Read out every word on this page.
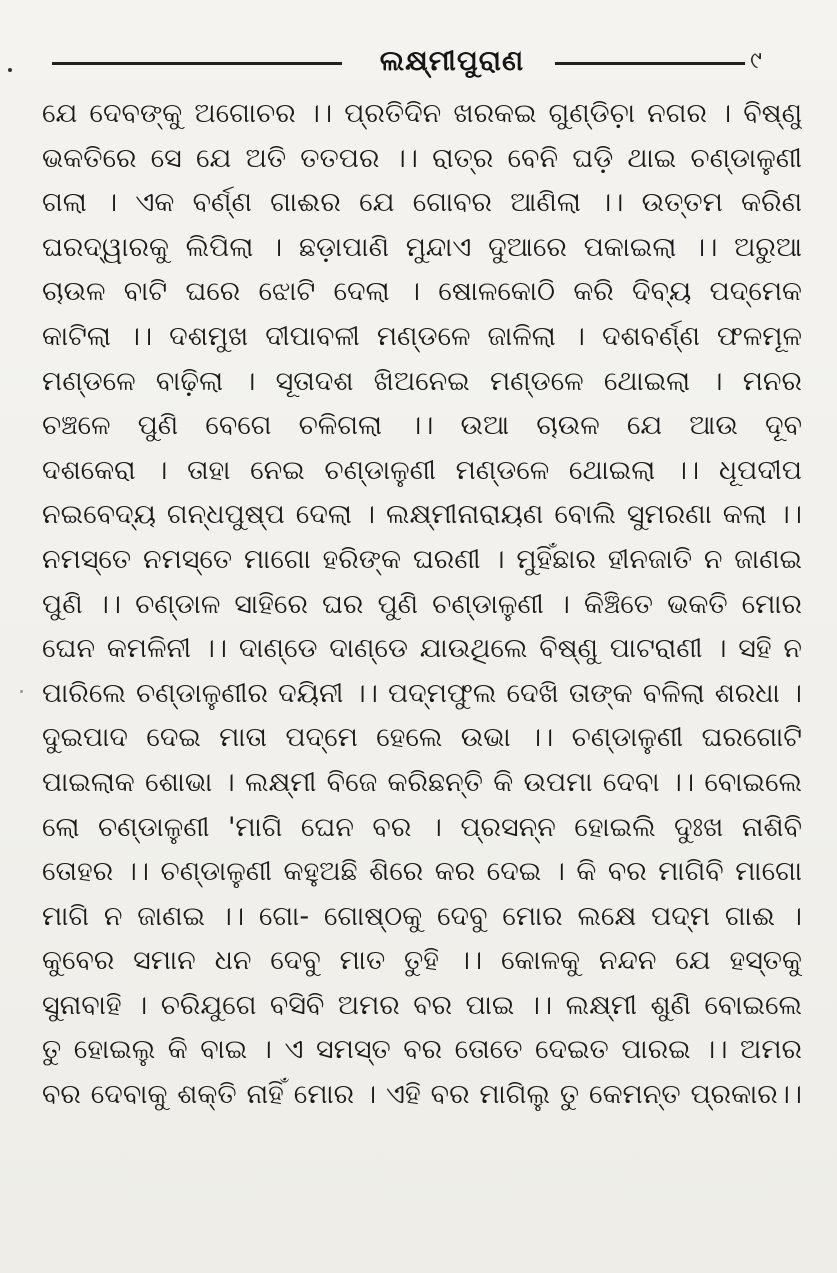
ଲକ୍ଷ୍ମୀପୁରାଣ	୯
ଯେ ଦେବଙ୍କୁ ଅଗୋଚର ।। ପ୍ରତିଦିନ ଖରକଇ ଗୁଣ୍ଡିଚ଼ା ନଗର । ବିଷ୍ଣୁ
ଭକତିରେ ସେ ଯେ ଅତି ତତପର ।। ରାତ୍ର ବେନି ଘଡ଼ି ଥାଇ ଚଣ୍ଡାଳୁଣୀ
ଗଲା । ଏକ ବର୍ଣ୍ଣ ଗାଈର ଯେ ଗୋବର ଆଣିଲା ।। ଉତ୍ତମ କରିଣ
ଘରଦ୍ୱାରକୁ ଲିପିଲା । ଛଡ଼ାପାଣି ମୁନ୍ଦାଏ ଦୁଆରେ ପକାଇଲା ।। ଅରୁଆ
ଚାଉଳ ବାଟି ଘରେ ଝୋଟି ଦେଲା । ଷୋଳକୋଠି କରି ଦିବ୍ୟ ପଦ୍ମେକ
କାଟିଲା ।। ଦଶମୁଖ ଦୀପାବଳୀ ମଣ୍ଡଳେ ଜାଳିଲା । ଦଶବର୍ଣ୍ଣ ଫଳମୂଳ
ମଣ୍ଡଳେ ବାଢ଼ିଲା । ସୂତାଦଶ ଖିଅନେଇ ମଣ୍ଡଳେ ଥୋଇଲା । ମନର
ଚଞ୍ଚଳେ ପୁଣି ବେଗେ ଚଳିଗଲା ।। ଉଆ ଚାଉଳ ଯେ ଆଉ ଦୂବ
ଦଶକେରା । ତାହା ନେଇ ଚଣ୍ଡାଳୁଣୀ ମଣ୍ଡଳେ ଥୋଇଲା ।। ଧୂପଦୀପ
ନଇବେଦ୍ୟ ଗନ୍ଧପୁଷ୍ପ ଦେଲା । ଲକ୍ଷ୍ମୀନାରାୟଣ ବୋଲି ସୁମରଣା କଲା ।।
ନମସ୍ତେ ନମସ୍ତେ ମାଗୋ ହରିଙ୍କ ଘରଣୀ । ମୁହିଁଛାର ହୀନଜାତି ନ ଜାଣଇ
ପୁଣି ।। ଚଣ୍ଡାଳ ସାହିରେ ଘର ପୁଣି ଚଣ୍ଡାଳୁଣୀ । କିଞ୍ଚିତେ ଭକତି ମୋର
ଘେନ କମଳିନୀ ।। ଦାଣ୍ଡେ ଦାଣ୍ଡେ ଯାଉଥିଲେ ବିଷ୍ଣୁ ପାଟରାଣୀ । ସହି ନ
ପାରିଲେ ଚଣ୍ଡାଳୁଣୀର ଦୟିନୀ ।। ପଦ୍ମଫୁଲ ଦେଖି ତାଙ୍କ ବଳିଲା ଶରଧା ।
ଦୁଇପାଦ ଦେଇ ମାତା ପଦ୍ମେ ହେଲେ ଉଭା ।। ଚଣ୍ଡାଳୁଣୀ ଘରଗୋଟି
ପାଇଲାକ ଶୋଭା । ଲକ୍ଷ୍ମୀ ବିଜେ କରିଛନ୍ତି କି ଉପମା ଦେବା ।। ବୋଇଲେ
ଲୋ ଚଣ୍ଡାଳୁଣୀ 'ମାଗି ଘେନ ବର । ପ୍ରସନ୍ନ ହୋଇଲି ଦୁଃଖ ନାଶିବି
ତୋହର ।। ଚଣ୍ଡାଳୁଣୀ କହୁଅଛି ଶିରେ କର ଦେଇ । କି ବର ମାଗିବି ମାଗୋ
ମାଗି ନ ଜାଣଇ ।। ଗୋ- ଗୋଷ୍ଠକୁ ଦେବୁ ମୋର ଲକ୍ଷେ ପଦ୍ମ ଗାଈ ।
କୁବେର ସମାନ ଧନ ଦେବୁ ମାତ ତୁହି ।। କୋଳକୁ ନନ୍ଦନ ଯେ ହସ୍ତକୁ
ସୁନାବାହି । ଚରିଯୁଗେ ବସିବି ଅମର ବର ପାଇ ।। ଲକ୍ଷ୍ମୀ ଶୁଣି ବୋଇଲେ
ତୁ ହୋଇଲୁ କି ବାଇ । ଏ ସମସ୍ତ ବର ତୋତେ ଦେଇତ ପାରଇ ।। ଅମର
ବର ଦେବାକୁ ଶକ୍ତି ନାହିଁ ମୋର । ଏହି ବର ମାଗିଲୁ ତୁ କେମନ୍ତ ପ୍ରକାର।।
